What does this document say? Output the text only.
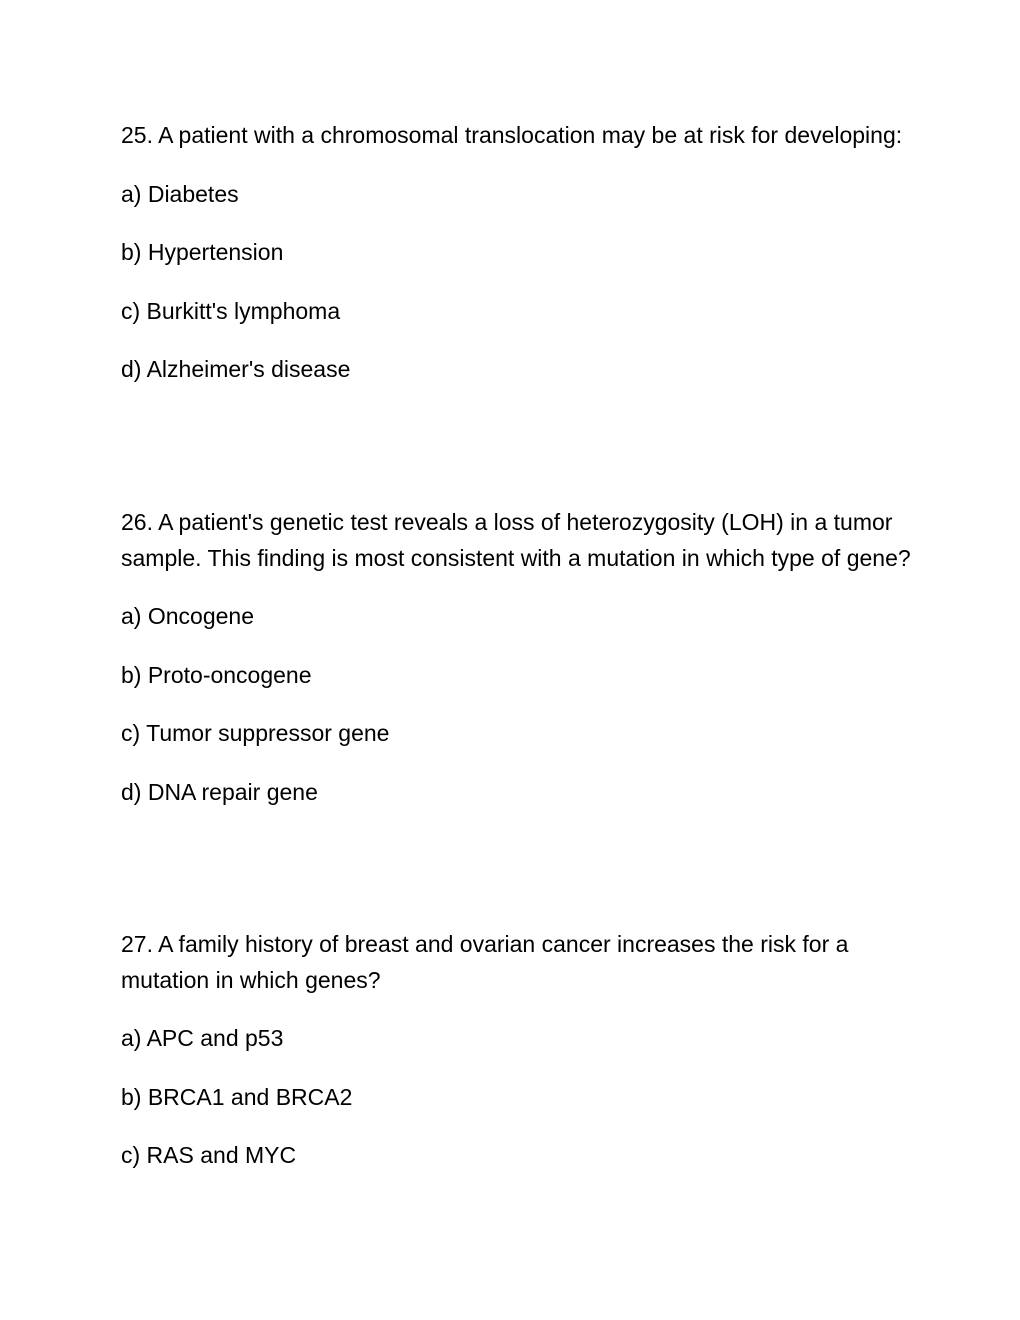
25. A patient with a chromosomal translocation may be at risk for developing:

a) Diabetes

b) Hypertension

c) Burkitt's lymphoma

d) Alzheimer's disease

26. A patient's genetic test reveals a loss of heterozygosity (LOH) in a tumor sample. This finding is most consistent with a mutation in which type of gene?

a) Oncogene

b) Proto-oncogene

c) Tumor suppressor gene

d) DNA repair gene

27. A family history of breast and ovarian cancer increases the risk for a mutation in which genes?

a) APC and p53

b) BRCA1 and BRCA2

c) RAS and MYC
